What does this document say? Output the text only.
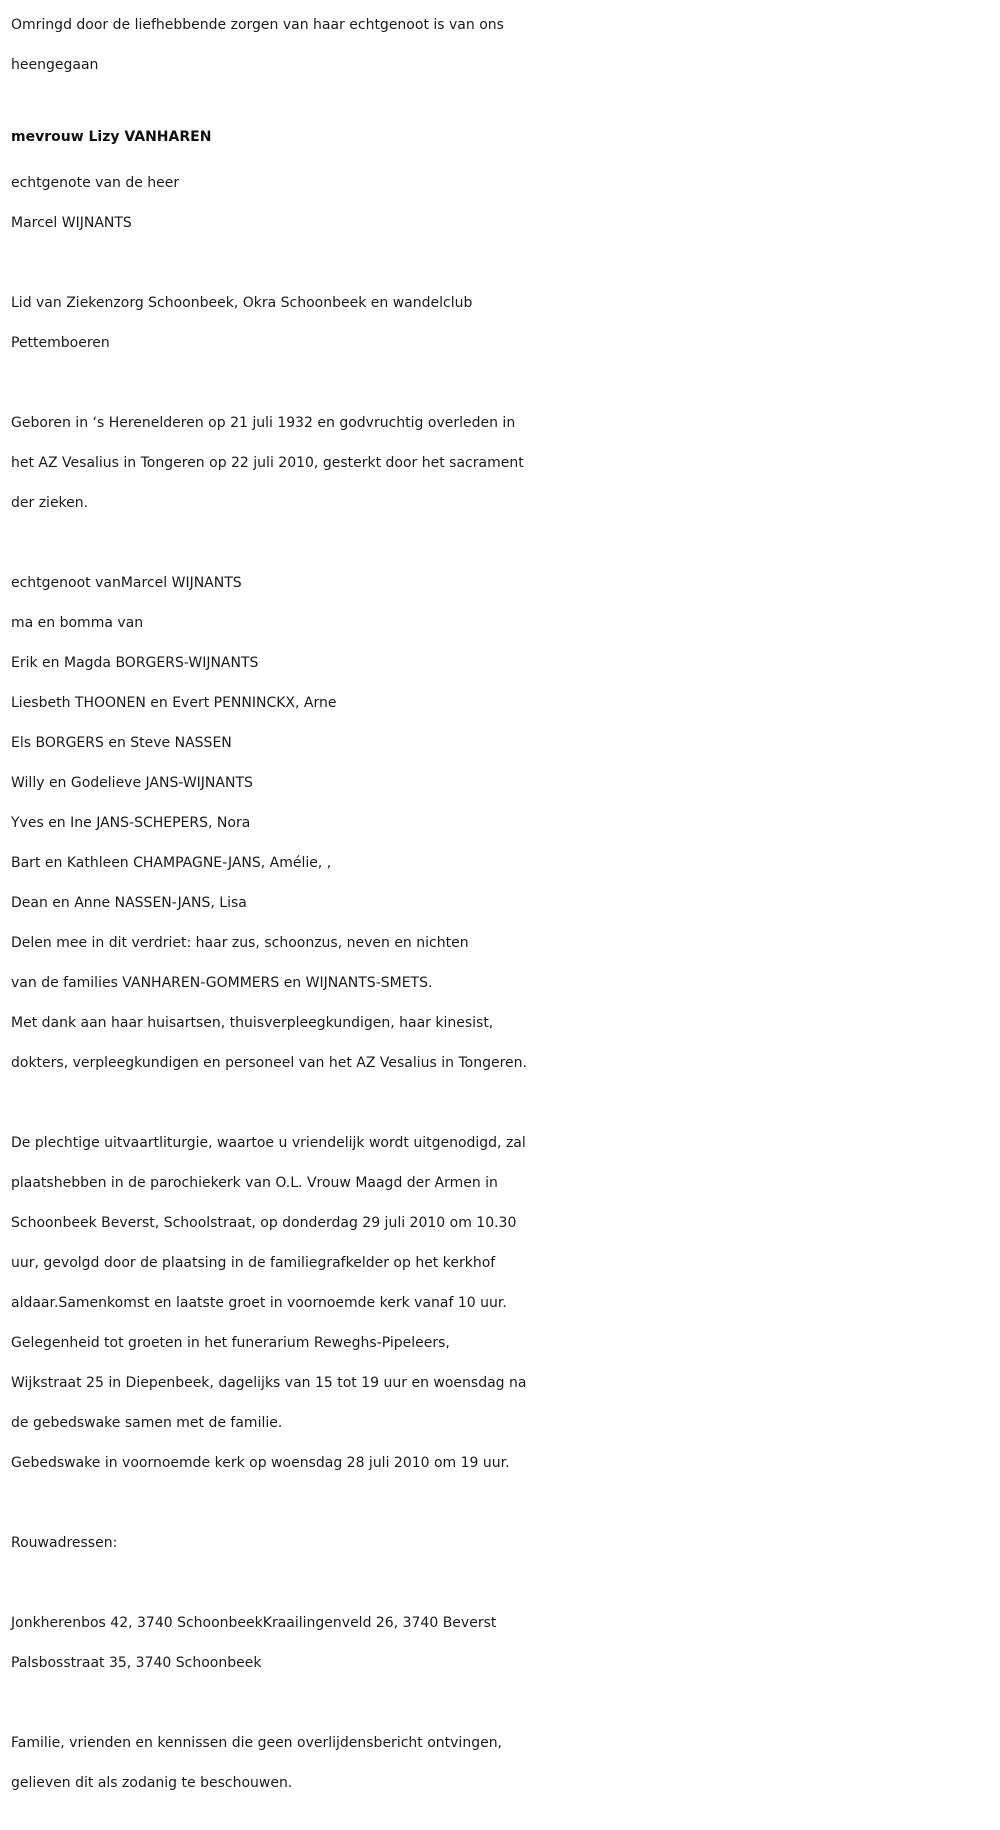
Omringd door de liefhebbende zorgen van haar echtgenoot is van ons
heengegaan
mevrouw Lizy VANHAREN
echtgenote van de heer
Marcel WIJNANTS
Lid van Ziekenzorg Schoonbeek, Okra Schoonbeek en wandelclub
Pettemboeren
Geboren in ‘s Herenelderen op 21 juli 1932 en godvruchtig overleden in
het AZ Vesalius in Tongeren op 22 juli 2010, gesterkt door het sacrament
der zieken.
echtgenoot vanMarcel WIJNANTS
ma en bomma van
Erik en Magda BORGERS-WIJNANTS
Liesbeth THOONEN en Evert PENNINCKX, Arne
Els BORGERS en Steve NASSEN
Willy en Godelieve JANS-WIJNANTS
Yves en Ine JANS-SCHEPERS, Nora
Bart en Kathleen CHAMPAGNE-JANS, Amélie, ,
Dean en Anne NASSEN-JANS, Lisa
Delen mee in dit verdriet: haar zus, schoonzus, neven en nichten
van de families VANHAREN-GOMMERS en WIJNANTS-SMETS.
Met dank aan haar huisartsen, thuisverpleegkundigen, haar kinesist,
dokters, verpleegkundigen en personeel van het AZ Vesalius in Tongeren.
De plechtige uitvaartliturgie, waartoe u vriendelijk wordt uitgenodigd, zal
plaatshebben in de parochiekerk van O.L. Vrouw Maagd der Armen in
Schoonbeek Beverst, Schoolstraat, op donderdag 29 juli 2010 om 10.30
uur, gevolgd door de plaatsing in de familiegrafkelder op het kerkhof
aldaar.Samenkomst en laatste groet in voornoemde kerk vanaf 10 uur.
Gelegenheid tot groeten in het funerarium Reweghs-Pipeleers,
Wijkstraat 25 in Diepenbeek, dagelijks van 15 tot 19 uur en woensdag na
de gebedswake samen met de familie.
Gebedswake in voornoemde kerk op woensdag 28 juli 2010 om 19 uur.
Rouwadressen:
Jonkherenbos 42, 3740 SchoonbeekKraailingenveld 26, 3740 Beverst
Palsbosstraat 35, 3740 Schoonbeek
Familie, vrienden en kennissen die geen overlijdensbericht ontvingen,
gelieven dit als zodanig te beschouwen.
